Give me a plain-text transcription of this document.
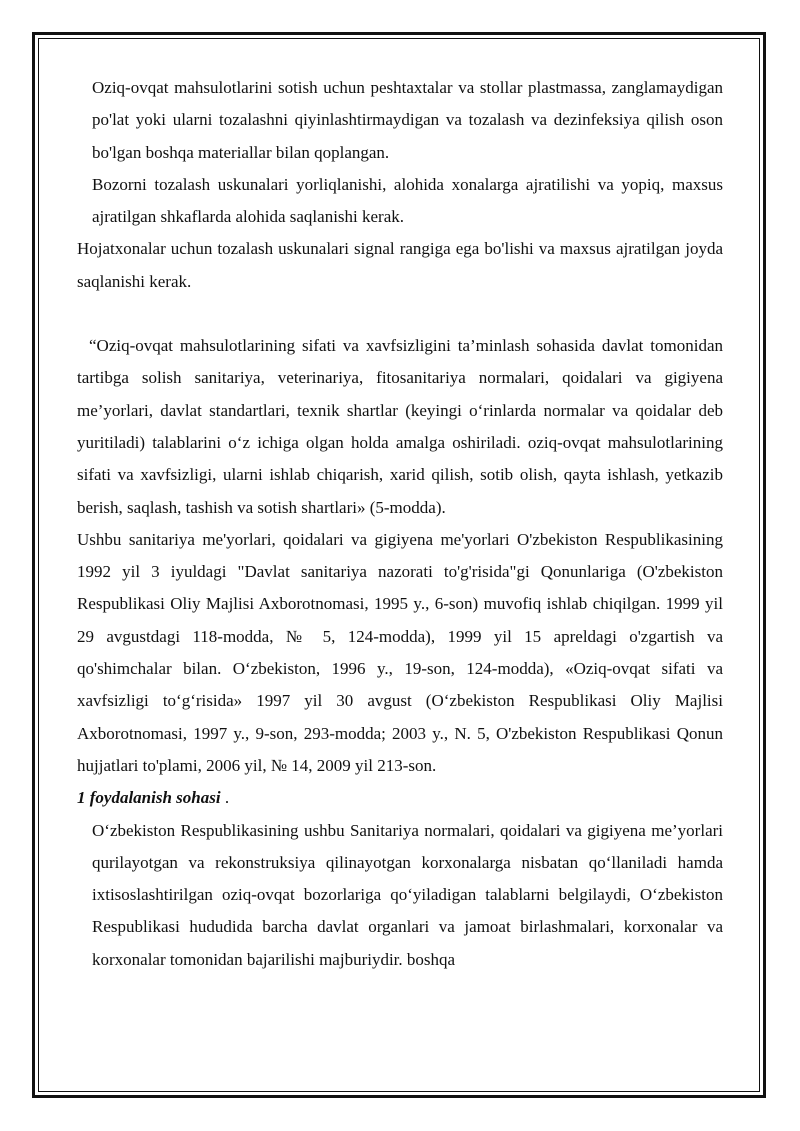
Oziq-ovqat mahsulotlarini sotish uchun peshtaxtalar va stollar plastmassa, zanglamaydigan po'lat yoki ularni tozalashni qiyinlashtirmaydigan va tozalash va dezinfeksiya qilish oson bo'lgan boshqa materiallar bilan qoplangan.

Bozorni tozalash uskunalari yorliqlanishi, alohida xonalarga ajratilishi va yopiq, maxsus ajratilgan shkaflarda alohida saqlanishi kerak.

Hojatxonalar uchun tozalash uskunalari signal rangiga ega bo'lishi va maxsus ajratilgan joyda saqlanishi kerak.

“Oziq-ovqat mahsulotlarining sifati va xavfsizligini ta’minlash sohasida davlat tomonidan tartibga solish sanitariya, veterinariya, fitosanitariya normalari, qoidalari va gigiyena me’yorlari, davlat standartlari, texnik shartlar (keyingi o‘rinlarda normalar va qoidalar deb yuritiladi) talablarini o‘z ichiga olgan holda amalga oshiriladi. oziq-ovqat mahsulotlarining sifati va xavfsizligi, ularni ishlab chiqarish, xarid qilish, sotib olish, qayta ishlash, yetkazib berish, saqlash, tashish va sotish shartlari» (5-modda).

Ushbu sanitariya me'yorlari, qoidalari va gigiyena me'yorlari O'zbekiston Respublikasining 1992 yil 3 iyuldagi "Davlat sanitariya nazorati to'g'risida"gi Qonunlariga (O'zbekiston Respublikasi Oliy Majlisi Axborotnomasi, 1995 y., 6-son) muvofiq ishlab chiqilgan. 1999 yil 29 avgustdagi 118-modda, № 5, 124-modda), 1999 yil 15 apreldagi o'zgartish va qo'shimchalar bilan. O‘zbekiston, 1996 y., 19-son, 124-modda), «Oziq-ovqat sifati va xavfsizligi to‘g‘risida» 1997 yil 30 avgust (O‘zbekiston Respublikasi Oliy Majlisi Axborotnomasi, 1997 y., 9-son, 293-modda; 2003 y., N. 5, O'zbekiston Respublikasi Qonun hujjatlari to'plami, 2006 yil, № 14, 2009 yil 213-son.

1 foydalanish sohasi .

O‘zbekiston Respublikasining ushbu Sanitariya normalari, qoidalari va gigiyena me’yorlari qurilayotgan va rekonstruksiya qilinayotgan korxonalarga nisbatan qo‘llaniladi hamda ixtisoslashtirilgan oziq-ovqat bozorlariga qo‘yiladigan talablarni belgilaydi, O‘zbekiston Respublikasi hududida barcha davlat organlari va jamoat birlashmalari, korxonalar va korxonalar tomonidan bajarilishi majburiydir. boshqa
